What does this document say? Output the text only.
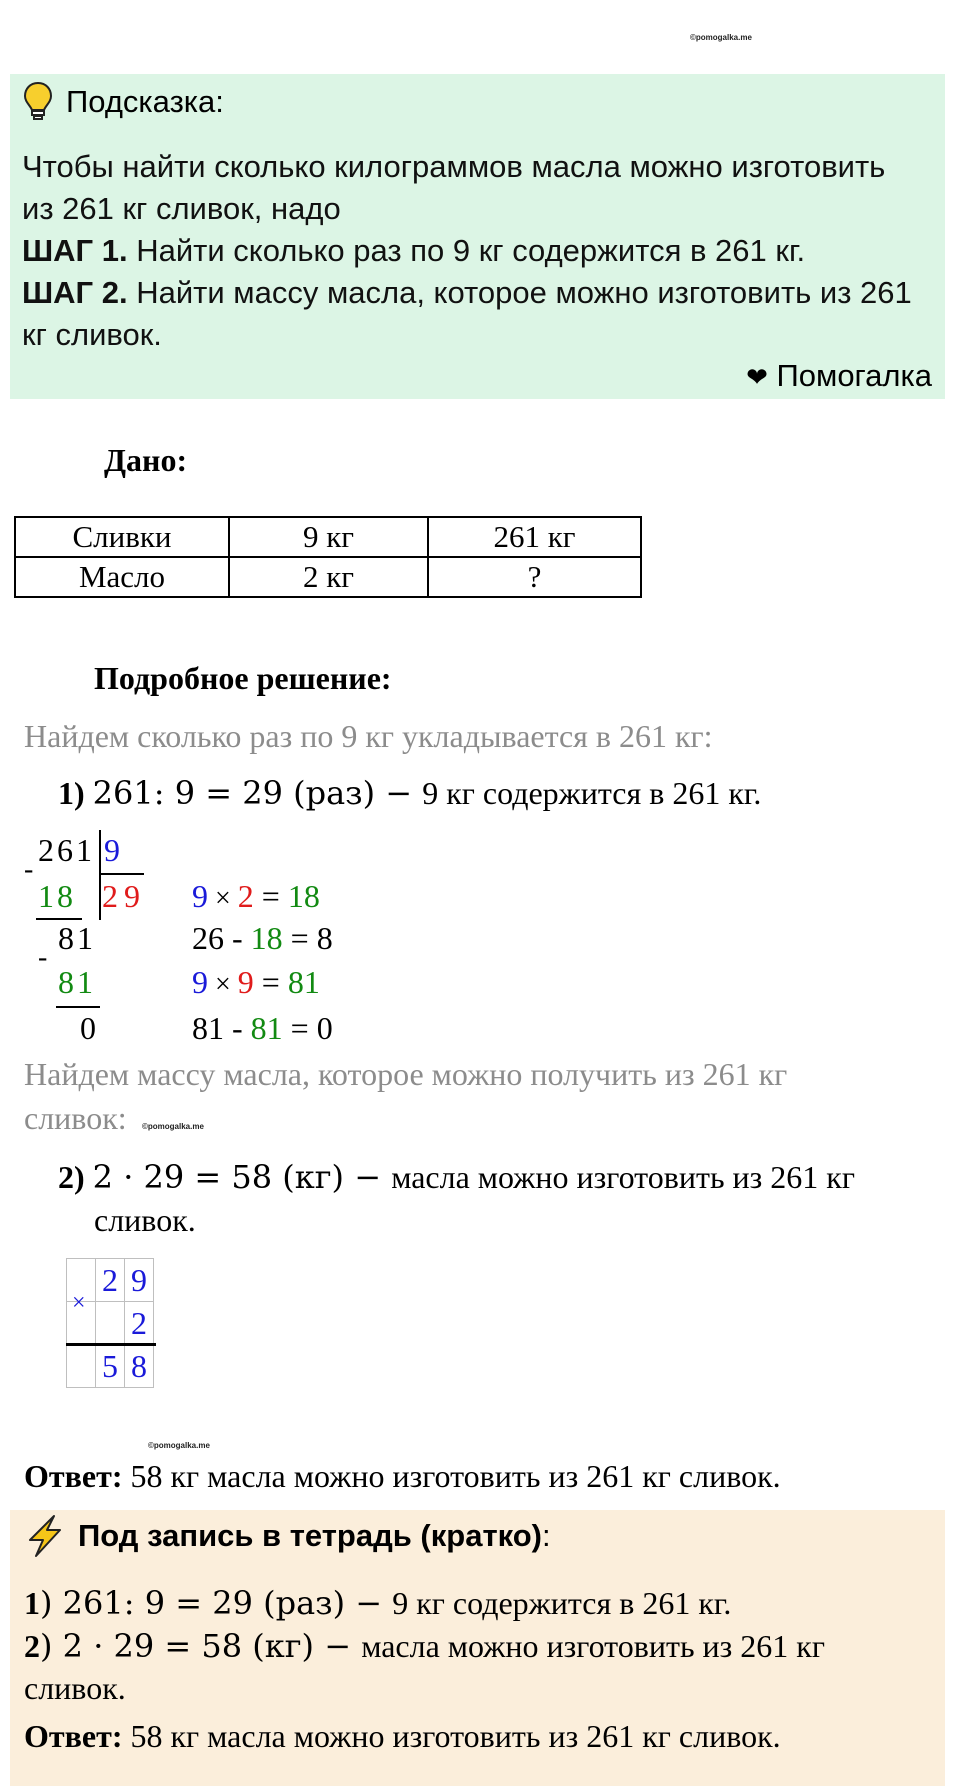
©pomogalka.me
Подсказка:
Чтобы найти сколько килограммов масла можно изготовить
из 261 кг сливок, надо
ШАГ 1. Найти сколько раз по 9 кг содержится в 261 кг.
ШАГ 2. Найти массу масла, которое можно изготовить из 261
кг сливок.
❤ Помогалка
Дано:
Сливки	9 кг	261 кг
Масло	2 кг	?
Подробное решение:
Найдем сколько раз по 9 кг укладывается в 261 кг:
1) 261: 9 = 29 (раз) − 9 кг содержится в 261 кг.
261 9
-
18 29
81
-
81
0
9 × 2 = 18
26 - 18 = 8
9 × 9 = 81
81 - 81 = 0
Найдем массу масла, которое можно получить из 261 кг
сливок: ©pomogalka.me
2) 2 · 29 = 58 (кг) − масла можно изготовить из 261 кг
сливок.
	2	9
		2
	5	8
×
©pomogalka.me
Ответ: 58 кг масла можно изготовить из 261 кг сливок.
Под запись в тетрадь (кратко):
1) 261: 9 = 29 (раз) − 9 кг содержится в 261 кг.
2) 2 · 29 = 58 (кг) − масла можно изготовить из 261 кг
сливок.
Ответ: 58 кг масла можно изготовить из 261 кг сливок.
